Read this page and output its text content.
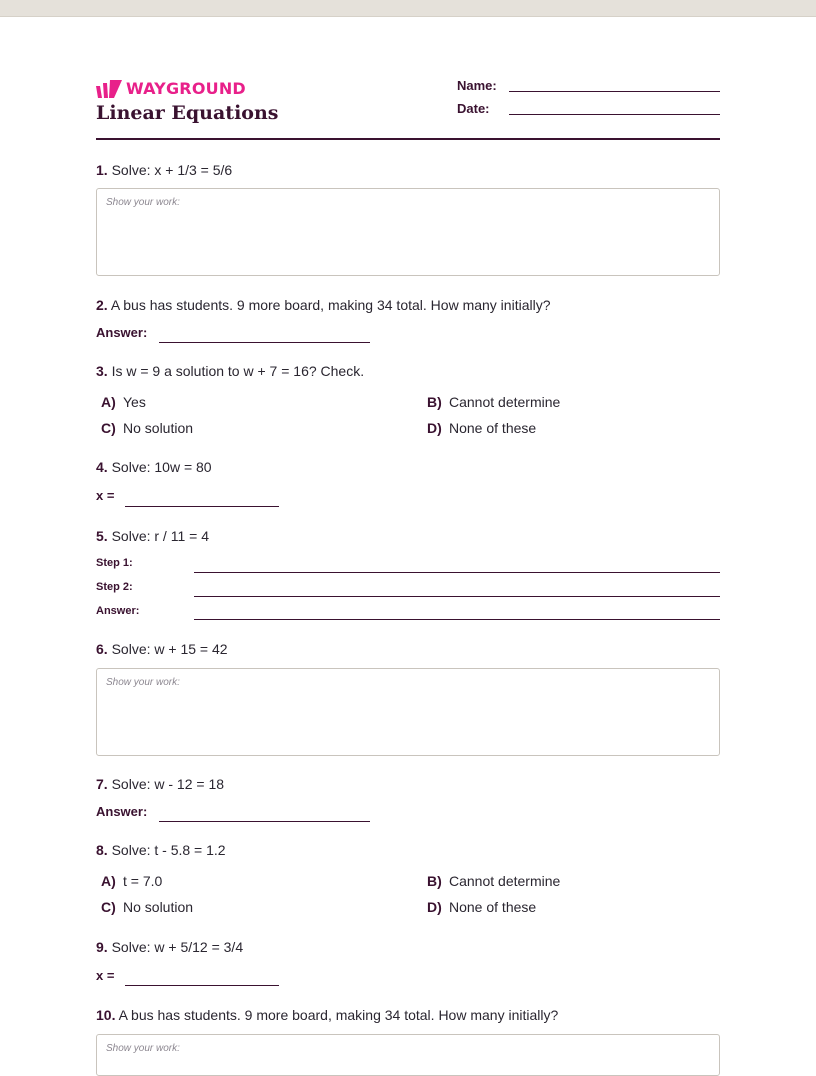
WAYGROUND
Linear Equations
Name:
Date:
1. Solve: x + 1/3 = 5/6
Show your work:
2. A bus has students. 9 more board, making 34 total. How many initially?
Answer:
3. Is w = 9 a solution to w + 7 = 16? Check.
A) Yes	B) Cannot determine
C) No solution	D) None of these
4. Solve: 10w = 80
x =
5. Solve: r / 11 = 4
Step 1:
Step 2:
Answer:
6. Solve: w + 15 = 42
Show your work:
7. Solve: w - 12 = 18
Answer:
8. Solve: t - 5.8 = 1.2
A) t = 7.0	B) Cannot determine
C) No solution	D) None of these
9. Solve: w + 5/12 = 3/4
x =
10. A bus has students. 9 more board, making 34 total. How many initially?
Show your work:
